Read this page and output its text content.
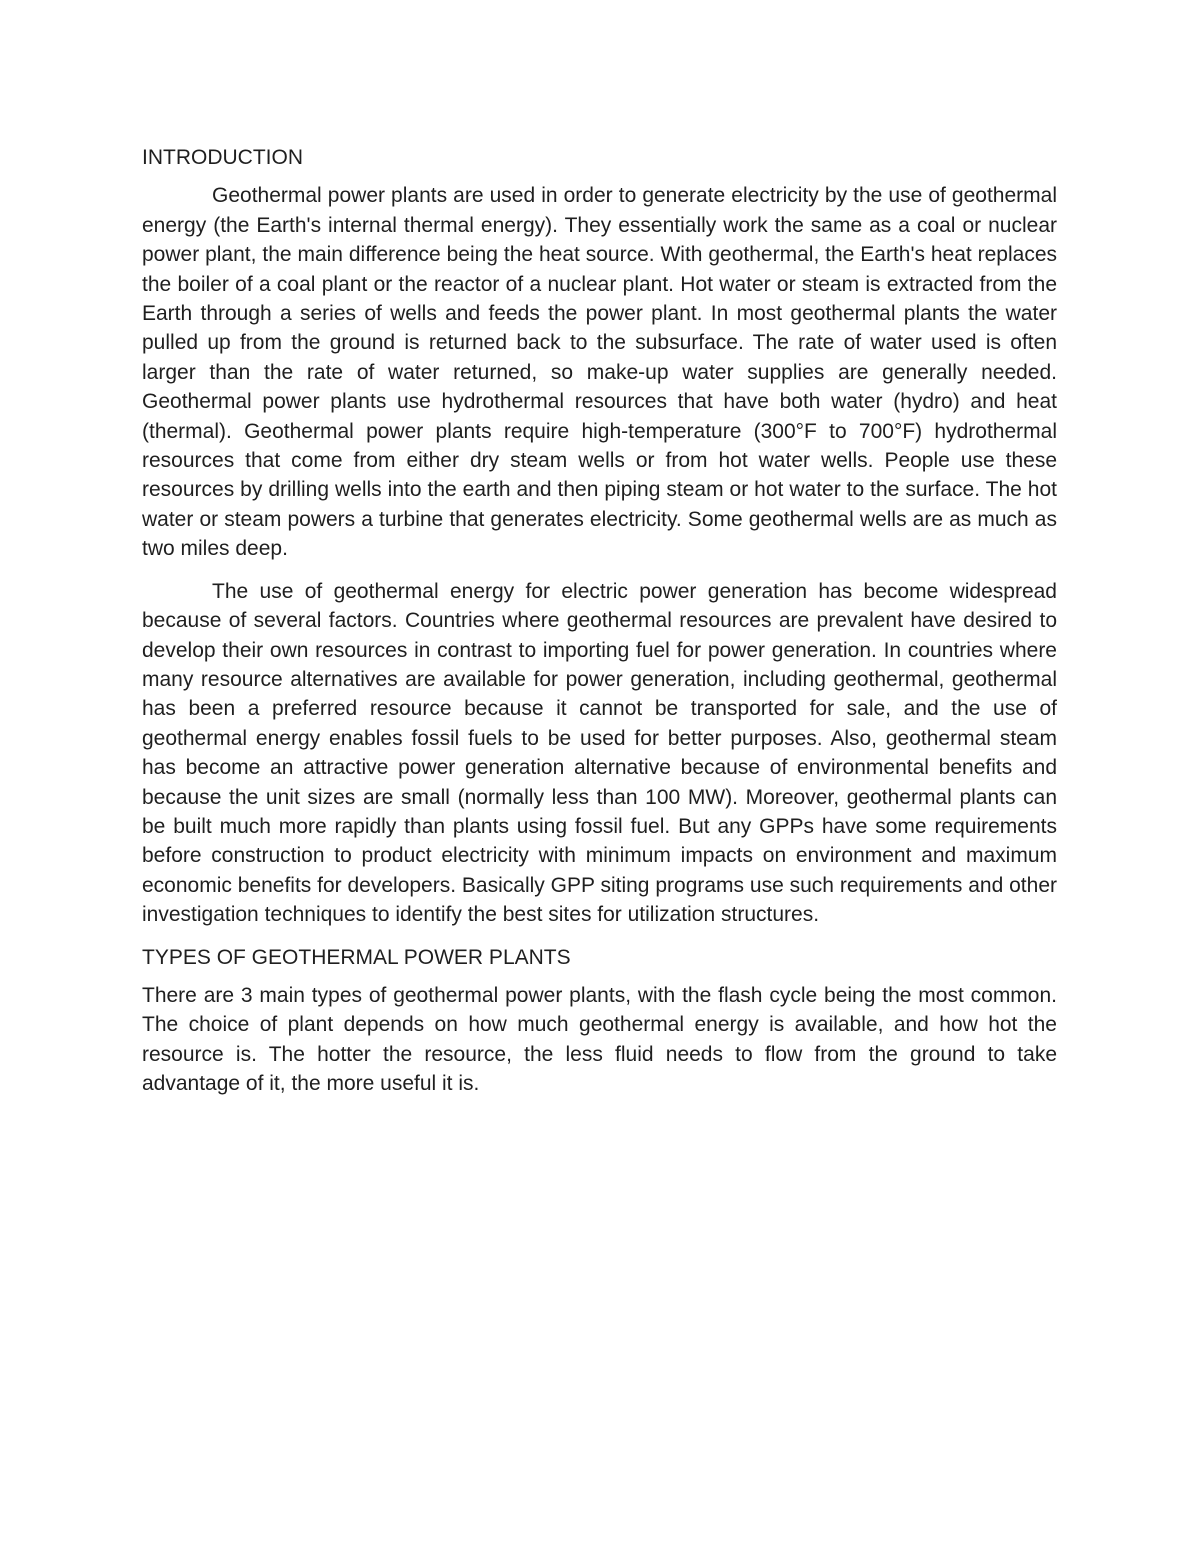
INTRODUCTION

Geothermal power plants are used in order to generate electricity by the use of geothermal energy (the Earth's internal thermal energy). They essentially work the same as a coal or nuclear power plant, the main difference being the heat source. With geothermal, the Earth's heat replaces the boiler of a coal plant or the reactor of a nuclear plant. Hot water or steam is extracted from the Earth through a series of wells and feeds the power plant. In most geothermal plants the water pulled up from the ground is returned back to the subsurface. The rate of water used is often larger than the rate of water returned, so make-up water supplies are generally needed. Geothermal power plants use hydrothermal resources that have both water (hydro) and heat (thermal). Geothermal power plants require high-temperature (300°F to 700°F) hydrothermal resources that come from either dry steam wells or from hot water wells. People use these resources by drilling wells into the earth and then piping steam or hot water to the surface. The hot water or steam powers a turbine that generates electricity. Some geothermal wells are as much as two miles deep.

The use of geothermal energy for electric power generation has become widespread because of several factors. Countries where geothermal resources are prevalent have desired to develop their own resources in contrast to importing fuel for power generation. In countries where many resource alternatives are available for power generation, including geothermal, geothermal has been a preferred resource because it cannot be transported for sale, and the use of geothermal energy enables fossil fuels to be used for better purposes. Also, geothermal steam has become an attractive power generation alternative because of environmental benefits and because the unit sizes are small (normally less than 100 MW). Moreover, geothermal plants can be built much more rapidly than plants using fossil fuel. But any GPPs have some requirements before construction to product electricity with minimum impacts on environment and maximum economic benefits for developers. Basically GPP siting programs use such requirements and other investigation techniques to identify the best sites for utilization structures.

TYPES OF GEOTHERMAL POWER PLANTS

There are 3 main types of geothermal power plants, with the flash cycle being the most common. The choice of plant depends on how much geothermal energy is available, and how hot the resource is. The hotter the resource, the less fluid needs to flow from the ground to take advantage of it, the more useful it is.
